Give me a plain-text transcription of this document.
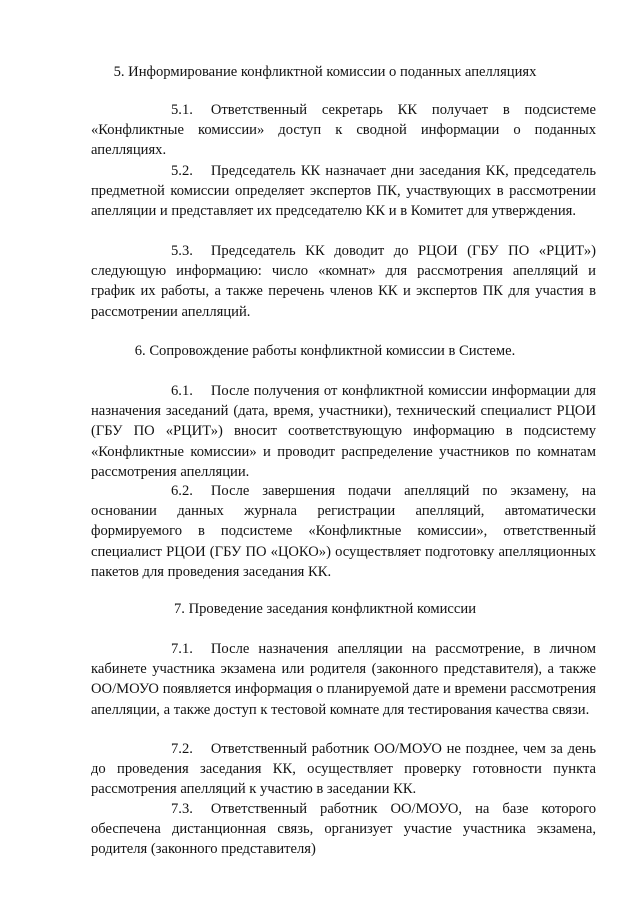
5. Информирование конфликтной комиссии о поданных апелляциях
5.1. Ответственный секретарь КК получает в подсистеме «Конфликтные комиссии» доступ к сводной информации о поданных апелляциях.
5.2. Председатель КК назначает дни заседания КК, председатель предметной комиссии определяет экспертов ПК, участвующих в рассмотрении апелляции и представляет их председателю КК и в Комитет для утверждения.
5.3. Председатель КК доводит до РЦОИ (ГБУ ПО «РЦИТ») следующую информацию: число «комнат» для рассмотрения апелляций и график их работы, а также перечень членов КК и экспертов ПК для участия в рассмотрении апелляций.
6. Сопровождение работы конфликтной комиссии в Системе.
6.1. После получения от конфликтной комиссии информации для назначения заседаний (дата, время, участники), технический специалист РЦОИ (ГБУ ПО «РЦИТ») вносит соответствующую информацию в подсистему «Конфликтные комиссии» и проводит распределение участников по комнатам рассмотрения апелляции.
6.2. После завершения подачи апелляций по экзамену, на основании данных журнала регистрации апелляций, автоматически формируемого в подсистеме «Конфликтные комиссии», ответственный специалист РЦОИ (ГБУ ПО «ЦОКО») осуществляет подготовку апелляционных пакетов для проведения заседания КК.
7. Проведение заседания конфликтной комиссии
7.1. После назначения апелляции на рассмотрение, в личном кабинете участника экзамена или родителя (законного представителя), а также ОО/МОУО появляется информация о планируемой дате и времени рассмотрения апелляции, а также доступ к тестовой комнате для тестирования качества связи.
7.2. Ответственный работник ОО/МОУО не позднее, чем за день до проведения заседания КК, осуществляет проверку готовности пункта рассмотрения апелляций к участию в заседании КК.
7.3. Ответственный работник ОО/МОУО, на базе которого обеспечена дистанционная связь, организует участие участника экзамена, родителя (законного представителя)
